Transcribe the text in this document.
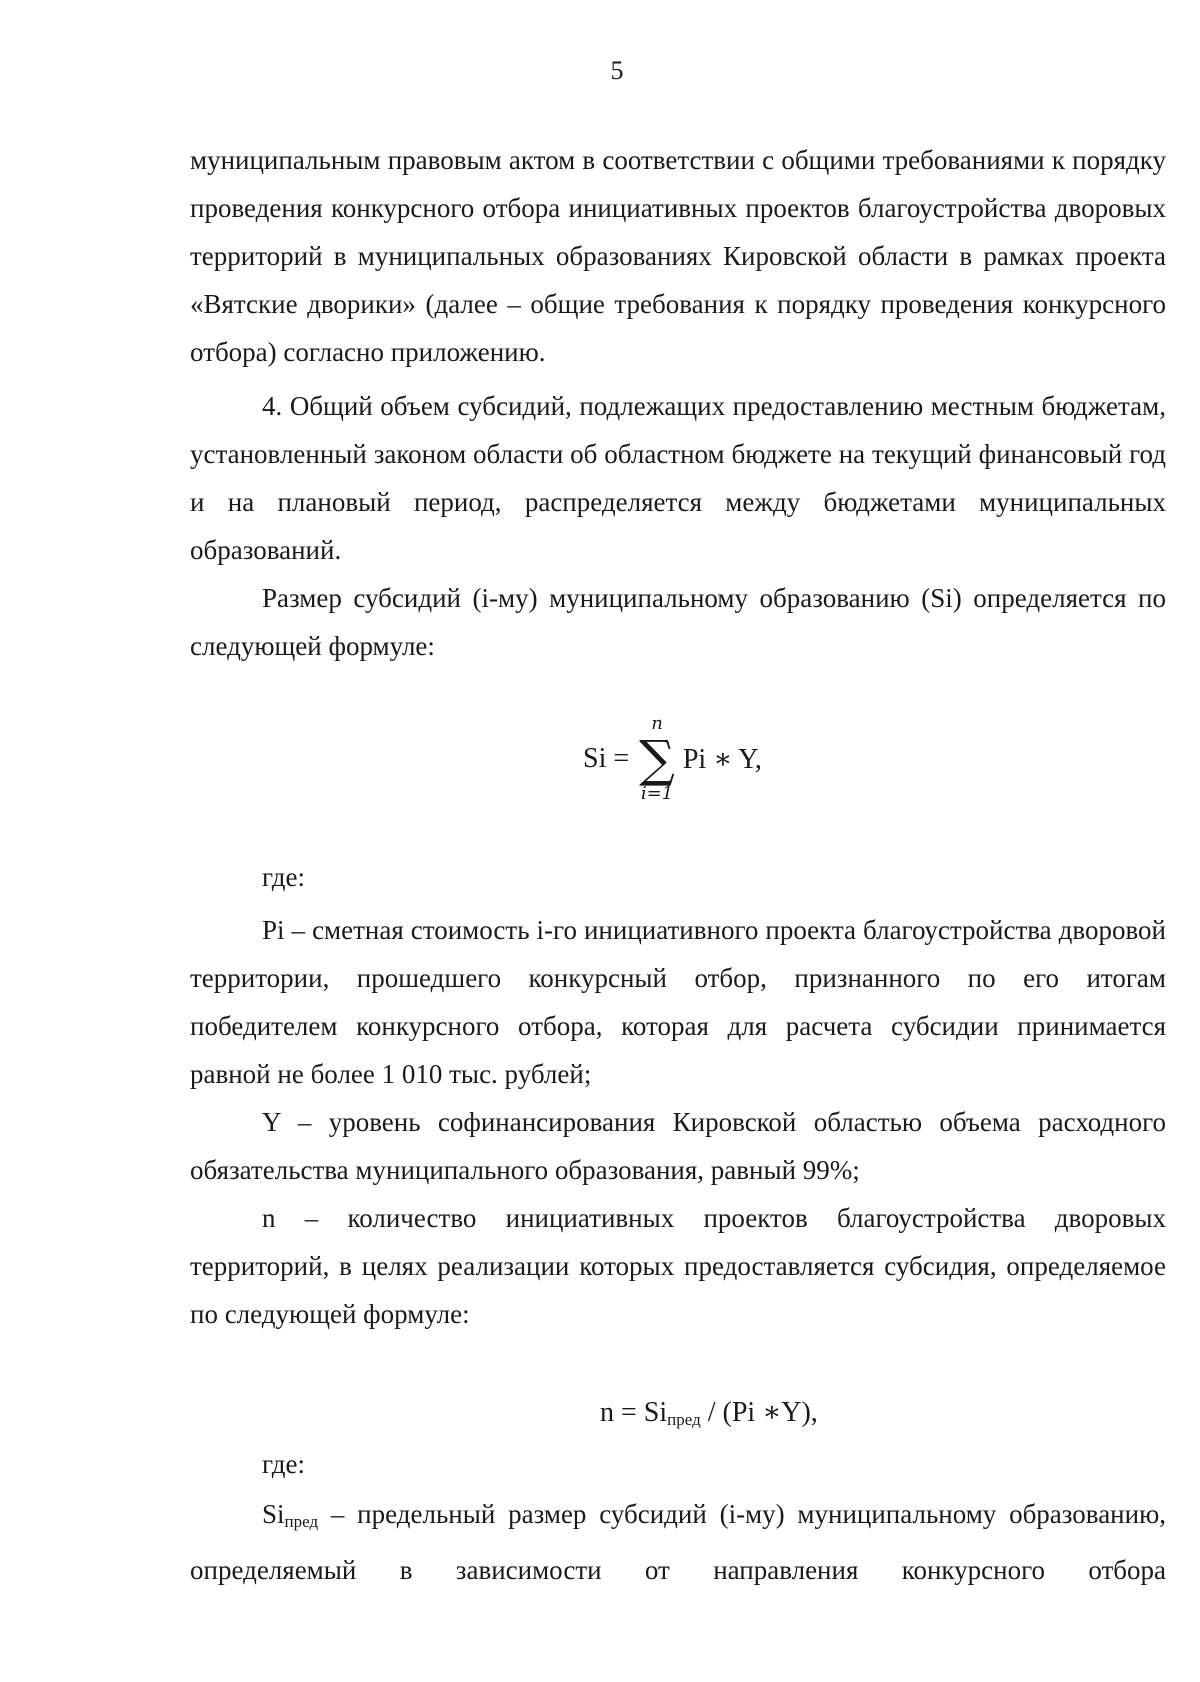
5

муниципальным правовым актом в соответствии с общими требованиями к порядку проведения конкурсного отбора инициативных проектов благоустройства дворовых территорий в муниципальных образованиях Кировской области в рамках проекта «Вятские дворики» (далее – общие требования к порядку проведения конкурсного отбора) согласно приложению.

4. Общий объем субсидий, подлежащих предоставлению местным бюджетам, установленный законом области об областном бюджете на текущий финансовый год и на плановый период, распределяется между бюджетами муниципальных образований.

Размер субсидий (i-му) муниципальному образованию (Si) определяется по следующей формуле:

Si =
n
∑
i=1
Pi ∗ Y,
где:

Pi – сметная стоимость i-го инициативного проекта благоустройства дворовой территории, прошедшего конкурсный отбор, признанного по его итогам победителем конкурсного отбора, которая для расчета субсидии принимается равной не более 1 010 тыс. рублей;

Y – уровень софинансирования Кировской областью объема расходного обязательства муниципального образования, равный 99%;

n – количество инициативных проектов благоустройства дворовых территорий, в целях реализации которых предоставляется субсидия, определяемое по следующей формуле:

$n = Si_{пред} / (Pi$ ∗Y),
где:

$Si_{пред}$ – предельный размер субсидий (i-му) муниципальному образованию, определяемый в зависимости от направления конкурсного отбора
